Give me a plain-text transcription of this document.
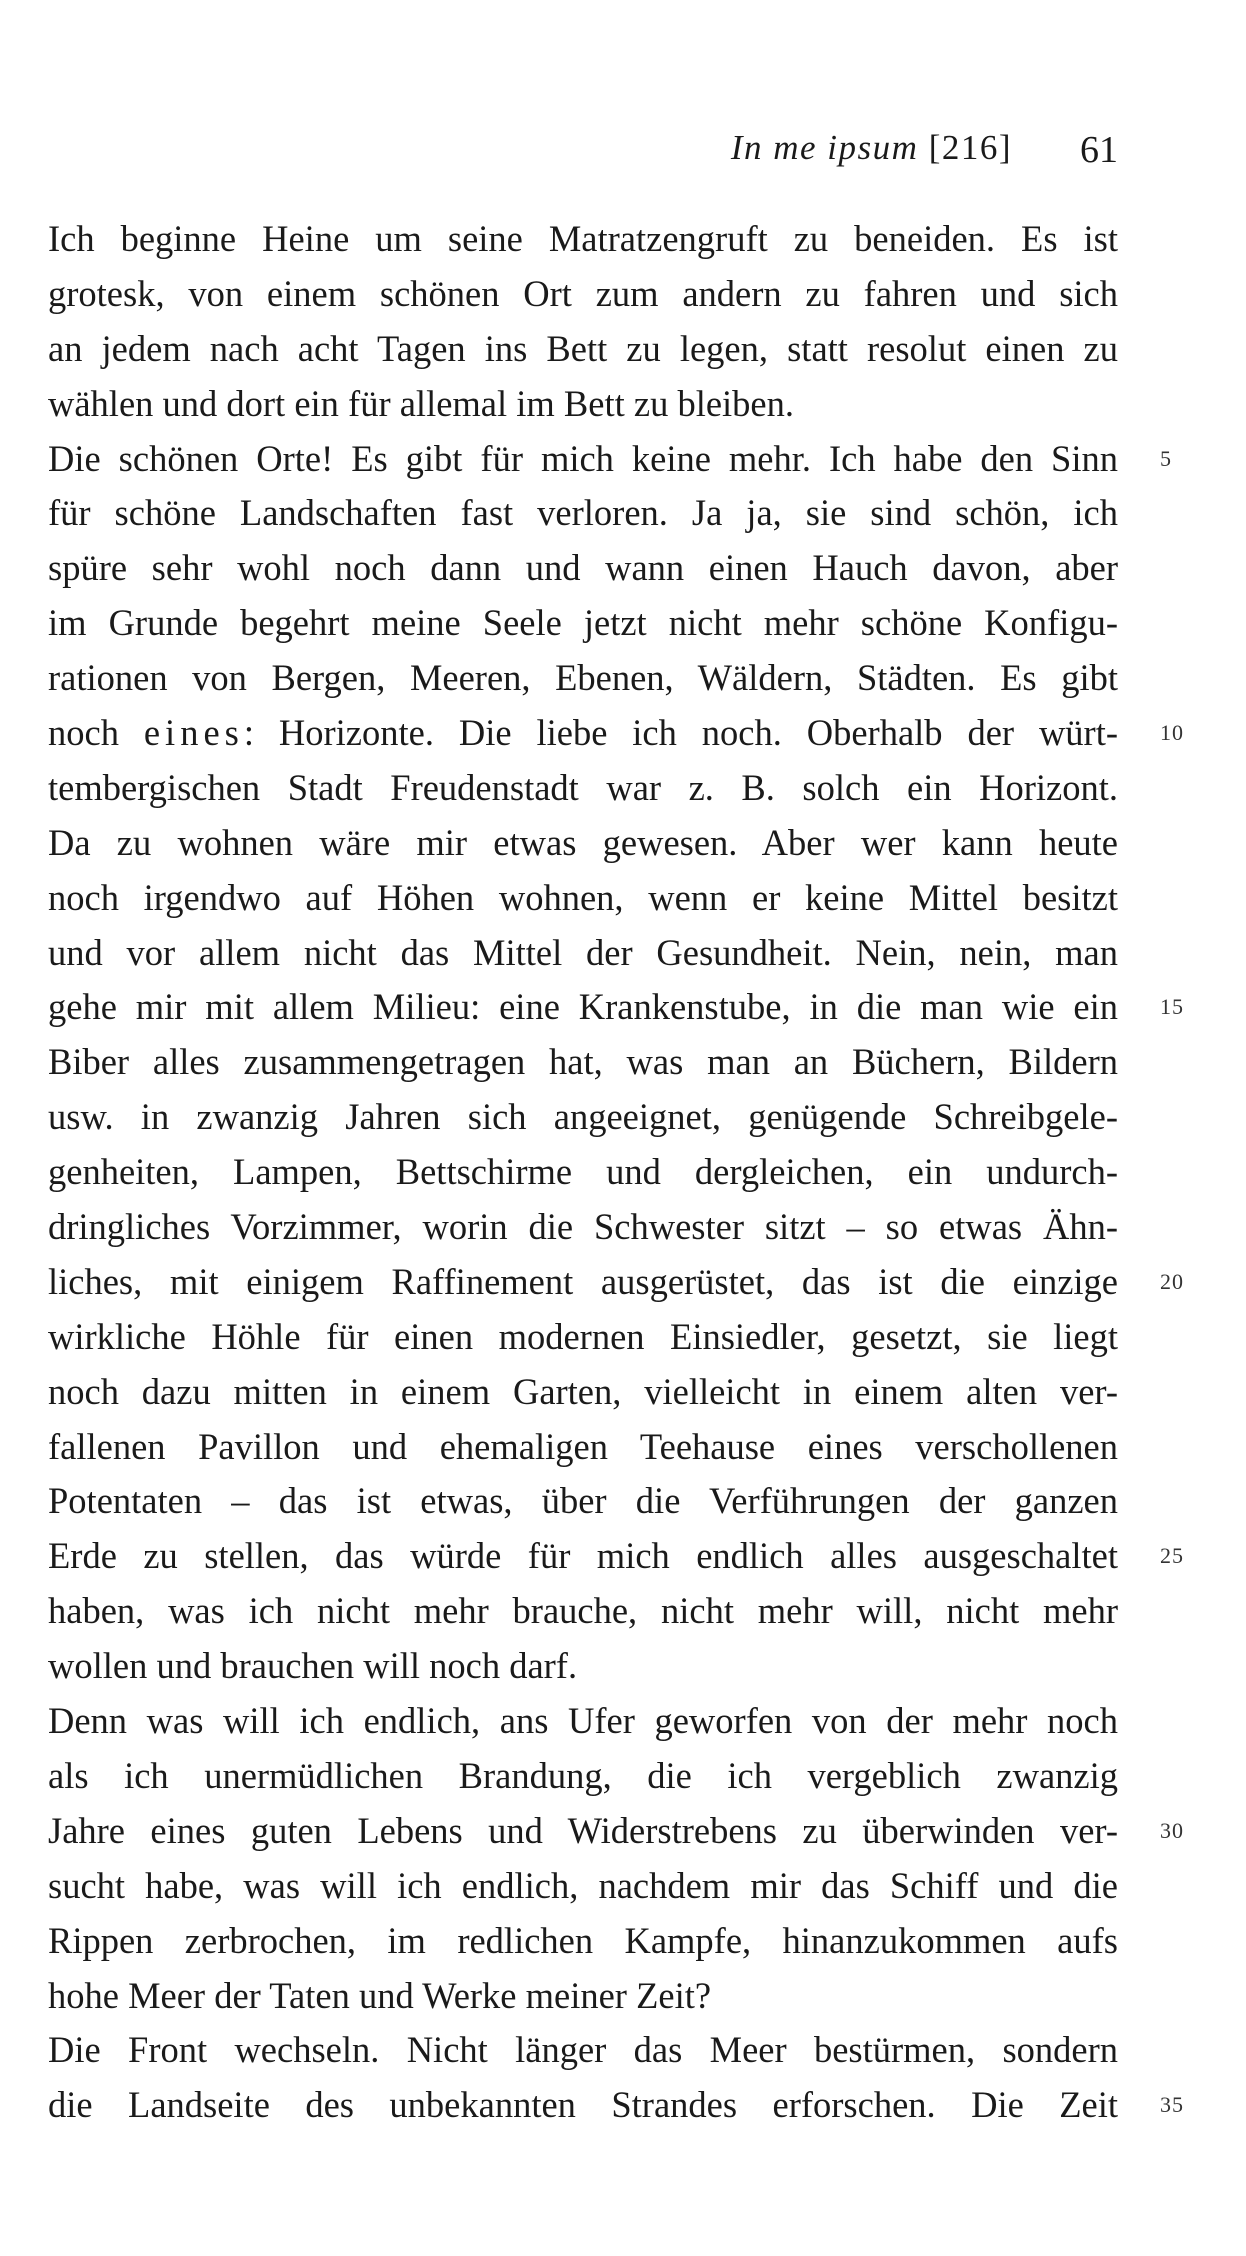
In me ipsum [216] 61
Ich beginne Heine um seine Matratzengruft zu beneiden. Es ist
grotesk, von einem schönen Ort zum andern zu fahren und sich
an jedem nach acht Tagen ins Bett zu legen, statt resolut einen zu
wählen und dort ein für allemal im Bett zu bleiben.
Die schönen Orte! Es gibt für mich keine mehr. Ich habe den Sinn 5
für schöne Landschaften fast verloren. Ja ja, sie sind schön, ich
spüre sehr wohl noch dann und wann einen Hauch davon, aber
im Grunde begehrt meine Seele jetzt nicht mehr schöne Konfigu-
rationen von Bergen, Meeren, Ebenen, Wäldern, Städten. Es gibt
noch eines: Horizonte. Die liebe ich noch. Oberhalb der würt- 10
tembergischen Stadt Freudenstadt war z. B. solch ein Horizont.
Da zu wohnen wäre mir etwas gewesen. Aber wer kann heute
noch irgendwo auf Höhen wohnen, wenn er keine Mittel besitzt
und vor allem nicht das Mittel der Gesundheit. Nein, nein, man
gehe mir mit allem Milieu: eine Krankenstube, in die man wie ein 15
Biber alles zusammengetragen hat, was man an Büchern, Bildern
usw. in zwanzig Jahren sich angeeignet, genügende Schreibgele-
genheiten, Lampen, Bettschirme und dergleichen, ein undurch-
dringliches Vorzimmer, worin die Schwester sitzt – so etwas Ähn-
liches, mit einigem Raffinement ausgerüstet, das ist die einzige 20
wirkliche Höhle für einen modernen Einsiedler, gesetzt, sie liegt
noch dazu mitten in einem Garten, vielleicht in einem alten ver-
fallenen Pavillon und ehemaligen Teehause eines verschollenen
Potentaten – das ist etwas, über die Verführungen der ganzen
Erde zu stellen, das würde für mich endlich alles ausgeschaltet 25
haben, was ich nicht mehr brauche, nicht mehr will, nicht mehr
wollen und brauchen will noch darf.
Denn was will ich endlich, ans Ufer geworfen von der mehr noch
als ich unermüdlichen Brandung, die ich vergeblich zwanzig
Jahre eines guten Lebens und Widerstrebens zu überwinden ver- 30
sucht habe, was will ich endlich, nachdem mir das Schiff und die
Rippen zerbrochen, im redlichen Kampfe, hinanzukommen aufs
hohe Meer der Taten und Werke meiner Zeit?
Die Front wechseln. Nicht länger das Meer bestürmen, sondern
die Landseite des unbekannten Strandes erforschen. Die Zeit 35
